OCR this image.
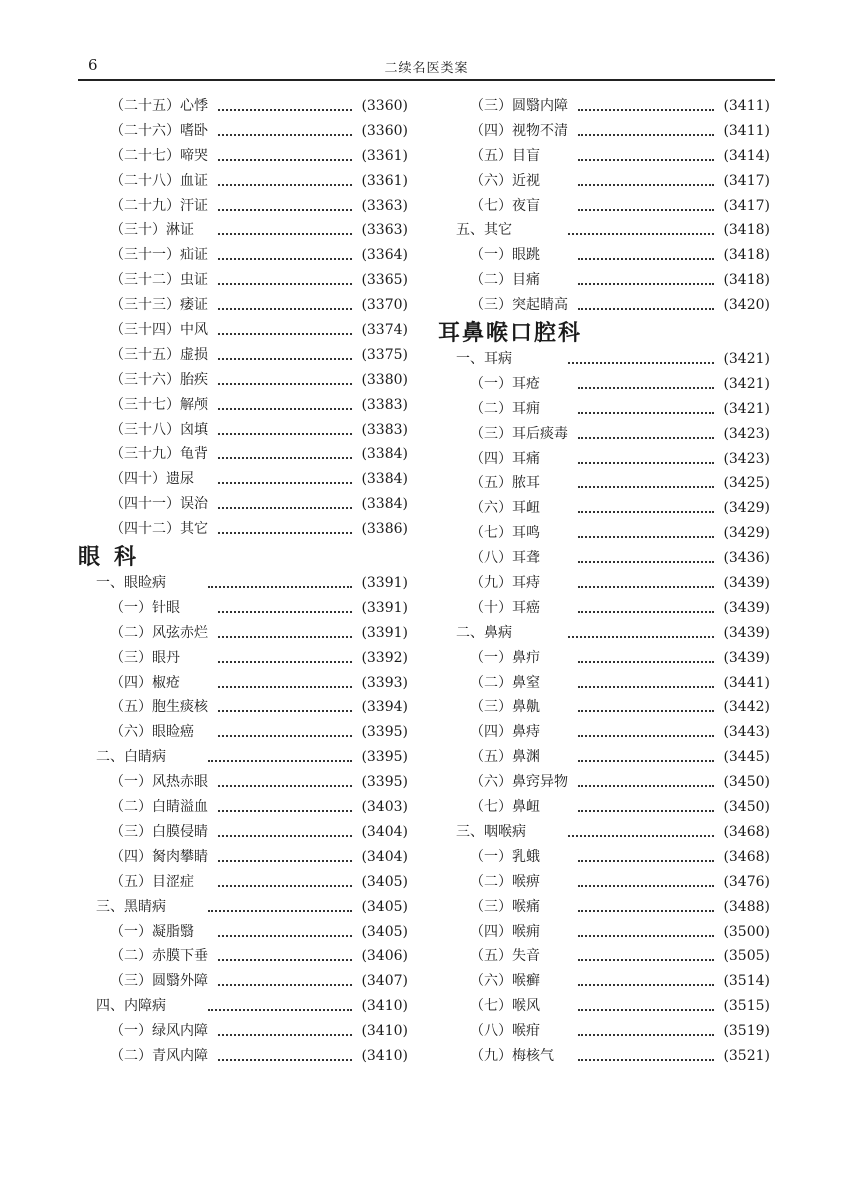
6	二续名医类案
（二十五）心悸	(3360)
（二十六）嗜卧	(3360)
（二十七）啼哭	(3361)
（二十八）血证	(3361)
（二十九）汗证	(3363)
（三十）淋证	(3363)
（三十一）疝证	(3364)
（三十二）虫证	(3365)
（三十三）痿证	(3370)
（三十四）中风	(3374)
（三十五）虚损	(3375)
（三十六）胎疾	(3380)
（三十七）解颅	(3383)
（三十八）囟填	(3383)
（三十九）龟背	(3384)
（四十）遗尿	(3384)
（四十一）误治	(3384)
（四十二）其它	(3386)
眼科
一、眼睑病	(3391)
（一）针眼	(3391)
（二）风弦赤烂	(3391)
（三）眼丹	(3392)
（四）椒疮	(3393)
（五）胞生痰核	(3394)
（六）眼睑癌	(3395)
二、白睛病	(3395)
（一）风热赤眼	(3395)
（二）白睛溢血	(3403)
（三）白膜侵睛	(3404)
（四）胬肉攀睛	(3404)
（五）目涩症	(3405)
三、黑睛病	(3405)
（一）凝脂翳	(3405)
（二）赤膜下垂	(3406)
（三）圆翳外障	(3407)
四、内障病	(3410)
（一）绿风内障	(3410)
（二）青风内障	(3410)
（三）圆翳内障	(3411)
（四）视物不清	(3411)
（五）目盲	(3414)
（六）近视	(3417)
（七）夜盲	(3417)
五、其它	(3418)
（一）眼跳	(3418)
（二）目痛	(3418)
（三）突起睛高	(3420)
耳鼻喉口腔科
一、耳病	(3421)
（一）耳疮	(3421)
（二）耳痈	(3421)
（三）耳后痰毒	(3423)
（四）耳痛	(3423)
（五）脓耳	(3425)
（六）耳衄	(3429)
（七）耳鸣	(3429)
（八）耳聋	(3436)
（九）耳痔	(3439)
（十）耳癌	(3439)
二、鼻病	(3439)
（一）鼻疖	(3439)
（二）鼻窒	(3441)
（三）鼻鼽	(3442)
（四）鼻痔	(3443)
（五）鼻渊	(3445)
（六）鼻窍异物	(3450)
（七）鼻衄	(3450)
三、咽喉病	(3468)
（一）乳蛾	(3468)
（二）喉痹	(3476)
（三）喉痛	(3488)
（四）喉痈	(3500)
（五）失音	(3505)
（六）喉癣	(3514)
（七）喉风	(3515)
（八）喉疳	(3519)
（九）梅核气	(3521)
